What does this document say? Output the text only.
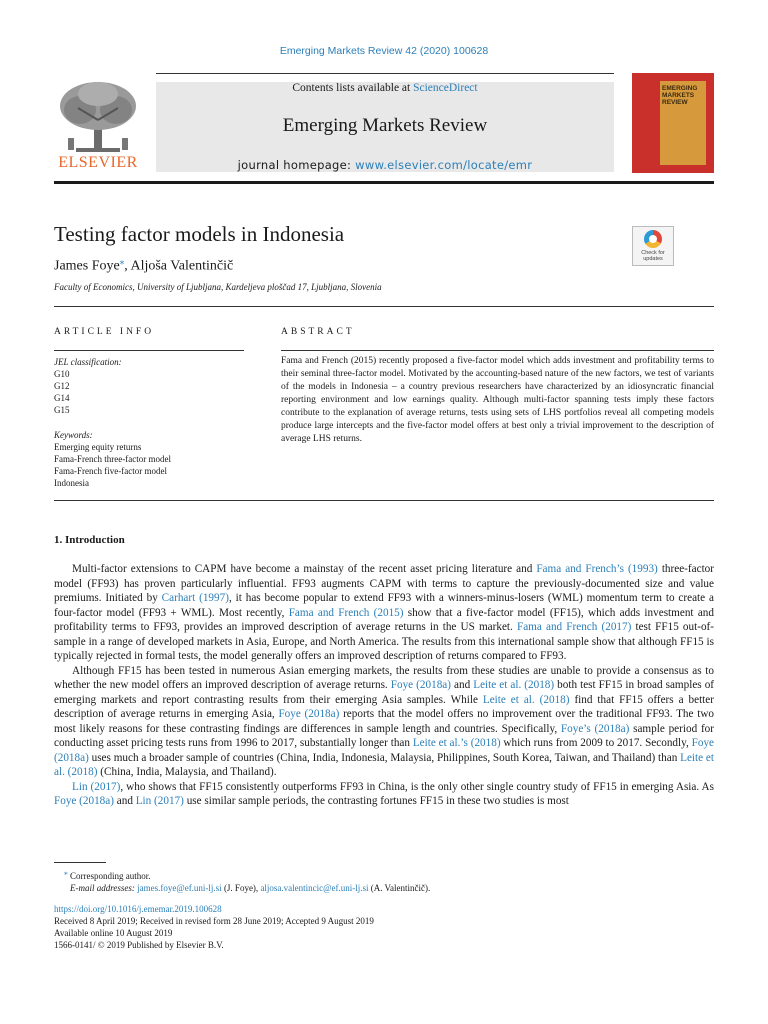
Emerging Markets Review 42 (2020) 100628
ELSEVIER
Contents lists available at ScienceDirect
Emerging Markets Review
journal homepage: www.elsevier.com/locate/emr
EMERGING
MARKETS
REVIEW
Testing factor models in Indonesia
Check for
updates
James Foye⁎, Aljoša Valentinčič
Faculty of Economics, University of Ljubljana, Kardeljeva ploščad 17, Ljubljana, Slovenia
ARTICLE INFO	ABSTRACT
JEL classification:
G10
G12
G14
G15
Keywords:
Emerging equity returns
Fama-French three-factor model
Fama-French five-factor model
Indonesia
Fama and French (2015) recently proposed a five-factor model which adds investment and profitability terms to their seminal three-factor model. Motivated by the accounting-based nature of the new factors, we test of variants of the models in Indonesia – a country previous researchers have characterized by an idiosyncratic financial reporting environment and low earnings quality. Although multi-factor spanning tests imply these factors contribute to the explanation of average returns, tests using sets of LHS portfolios reveal all competing models produce large intercepts and the five-factor model offers at best only a trivial improvement to the description of average LHS returns.
1. Introduction

Multi-factor extensions to CAPM have become a mainstay of the recent asset pricing literature and Fama and French’s (1993) three-factor model (FF93) has proven particularly influential. FF93 augments CAPM with terms to capture the previously-documented size and value premiums. Initiated by Carhart (1997), it has become popular to extend FF93 with a winners-minus-losers (WML) momentum term to create a four-factor model (FF93 + WML). Most recently, Fama and French (2015) show that a five-factor model (FF15), which adds investment and profitability terms to FF93, provides an improved description of average returns in the US market. Fama and French (2017) test FF15 out-of-sample in a range of developed markets in Asia, Europe, and North America. The results from this international sample show that although FF15 is typically rejected in formal tests, the model generally offers an improved description of returns compared to FF93.

Although FF15 has been tested in numerous Asian emerging markets, the results from these studies are unable to provide a consensus as to whether the new model offers an improved description of average returns. Foye (2018a) and Leite et al. (2018) both test FF15 in broad samples of emerging markets and report contrasting results from their emerging Asia samples. While Leite et al. (2018) find that FF15 offers a better description of average returns in emerging Asia, Foye (2018a) reports that the model offers no improvement over the traditional FF93. The two most likely reasons for these contrasting findings are differences in sample length and countries. Specifically, Foye’s (2018a) sample period for conducting asset pricing tests runs from 1996 to 2017, substantially longer than Leite et al.’s (2018) which runs from 2009 to 2017. Secondly, Foye (2018a) uses much a broader sample of countries (China, India, Indonesia, Malaysia, Philippines, South Korea, Taiwan, and Thailand) than Leite et al. (2018) (China, India, Malaysia, and Thailand).

Lin (2017), who shows that FF15 consistently outperforms FF93 in China, is the only other single country study of FF15 in emerging Asia. As Foye (2018a) and Lin (2017) use similar sample periods, the contrasting fortunes FF15 in these two studies is most

⁎ Corresponding author.
E-mail addresses: james.foye@ef.uni-lj.si (J. Foye), aljosa.valentincic@ef.uni-lj.si (A. Valentinčič).
https://doi.org/10.1016/j.ememar.2019.100628
Received 8 April 2019; Received in revised form 28 June 2019; Accepted 9 August 2019
Available online 10 August 2019
1566-0141/ © 2019 Published by Elsevier B.V.
